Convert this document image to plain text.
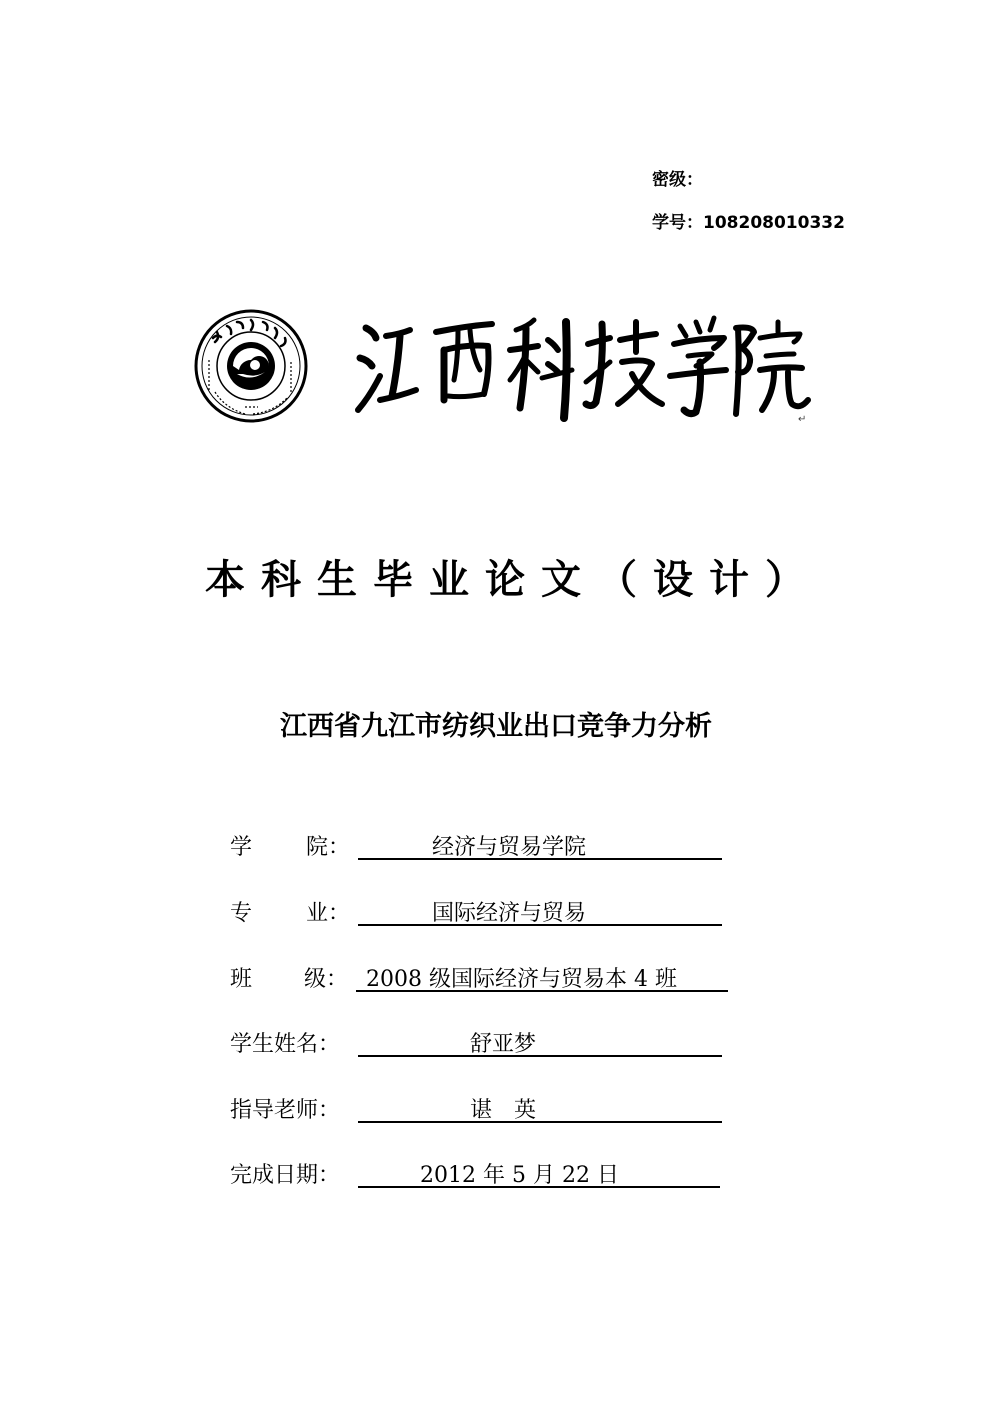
密级：
学号：108208010332
↵
本科生毕业论文（设计）
江西省九江市纺织业出口竞争力分析
学 院：	经济与贸易学院
专 业：	国际经济与贸易
班 级： 2008 级国际经济与贸易本 4 班
学生姓名：	舒亚梦
指导老师：	谌　英
完成日期：	2012 年 5 月 22 日
